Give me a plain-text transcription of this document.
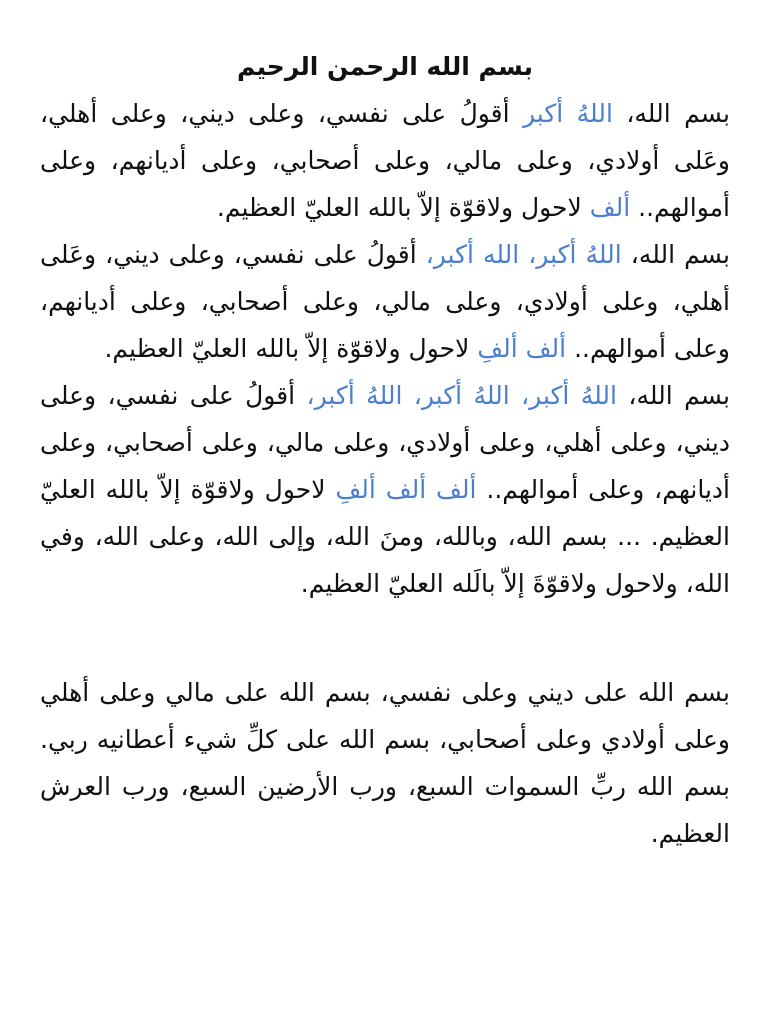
بسم الله الرحمن الرحيم

بسم الله، اللهُ أكبر أقولُ على نفسي، وعلى ديني، وعلى أهلي، وعَلى أولادي، وعلى مالي، وعلى أصحابي، وعلى أديانهم، وعلى أموالهم.. ألف لاحول ولاقوّة إلاّ بالله العليّ العظيم.

بسم الله، اللهُ أكبر، الله أكبر، أقولُ على نفسي، وعلى ديني، وعَلى أهلي، وعلى أولادي، وعلى مالي، وعلى أصحابي، وعلى أديانهم، وعلى أموالهم.. ألف ألفِ لاحول ولاقوّة إلاّ بالله العليّ العظيم.

بسم الله، اللهُ أكبر، اللهُ أكبر، اللهُ أكبر، أقولُ على نفسي، وعلى ديني، وعلى أهلي، وعلى أولادي، وعلى مالي، وعلى أصحابي، وعلى أديانهم، وعلى أموالهم.. ألف ألف ألفِ لاحول ولاقوّة إلاّ بالله العليّ العظيم. ... بسم الله، وبالله، ومنَ الله، وإلى الله، وعلى الله، وفي الله، ولاحول ولاقوّةَ إلاّ بالَله العليّ العظيم.

بسم الله على ديني وعلى نفسي، بسم الله على مالي وعلى أهلي وعلى أولادي وعلى أصحابي، بسم الله على كلِّ شيء أعطانيه ربي. بسم الله ربِّ السموات السبع، ورب الأرضين السبع، ورب العرش العظيم.
